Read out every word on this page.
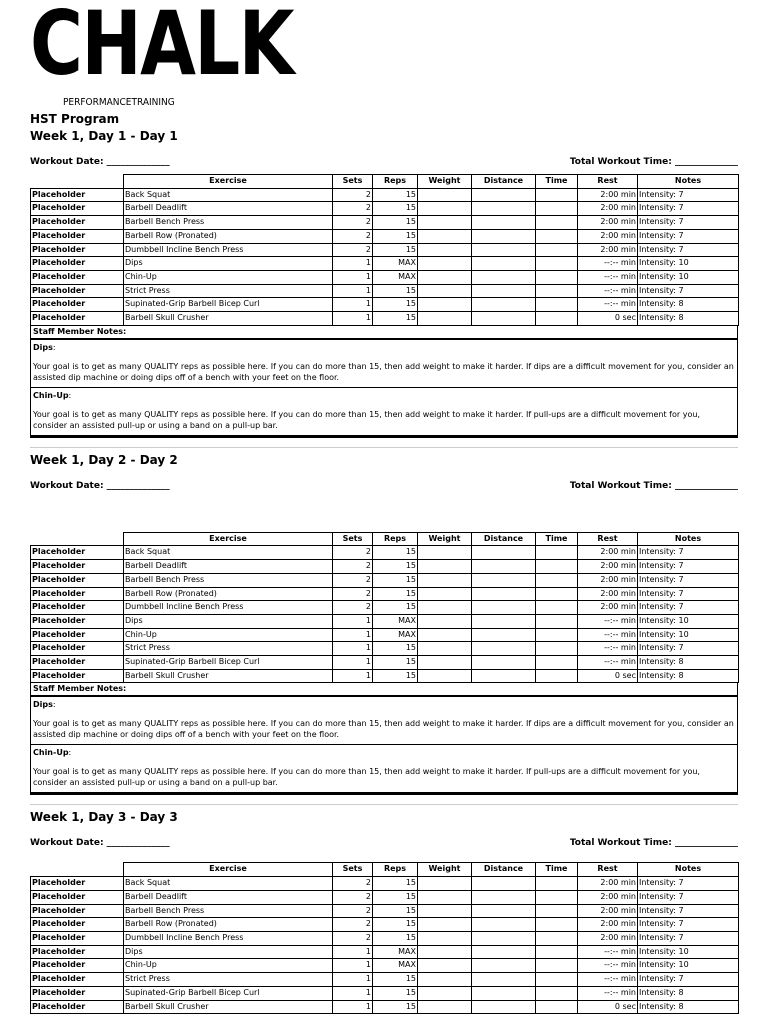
CHALK
PERFORMANCETRAINING
HST Program
Week 1, Day 1 - Day 1
Workout Date: ______________	Total Workout Time: ______________
	Exercise	Sets	Reps	Weight	Distance	Time	Rest	Notes
Placeholder	Back Squat	2	15				2:00 min	Intensity: 7
Placeholder	Barbell Deadlift	2	15				2:00 min	Intensity: 7
Placeholder	Barbell Bench Press	2	15				2:00 min	Intensity: 7
Placeholder	Barbell Row (Pronated)	2	15				2:00 min	Intensity: 7
Placeholder	Dumbbell Incline Bench Press	2	15				2:00 min	Intensity: 7
Placeholder	Dips	1	MAX				--:-- min	Intensity: 10
Placeholder	Chin-Up	1	MAX				--:-- min	Intensity: 10
Placeholder	Strict Press	1	15				--:-- min	Intensity: 7
Placeholder	Supinated-Grip Barbell Bicep Curl	1	15				--:-- min	Intensity: 8
Placeholder	Barbell Skull Crusher	1	15				0 sec	Intensity: 8
Staff Member Notes:
Dips:
Your goal is to get as many QUALITY reps as possible here. If you can do more than 15, then add weight to make it harder. If dips are a difficult movement for you, consider an assisted dip machine or doing dips off of a bench with your feet on the floor.
Chin-Up:
Your goal is to get as many QUALITY reps as possible here. If you can do more than 15, then add weight to make it harder. If pull-ups are a difficult movement for you, consider an assisted pull-up or using a band on a pull-up bar.
Week 1, Day 2 - Day 2
Workout Date: ______________	Total Workout Time: ______________
	Exercise	Sets	Reps	Weight	Distance	Time	Rest	Notes
Placeholder	Back Squat	2	15				2:00 min	Intensity: 7
Placeholder	Barbell Deadlift	2	15				2:00 min	Intensity: 7
Placeholder	Barbell Bench Press	2	15				2:00 min	Intensity: 7
Placeholder	Barbell Row (Pronated)	2	15				2:00 min	Intensity: 7
Placeholder	Dumbbell Incline Bench Press	2	15				2:00 min	Intensity: 7
Placeholder	Dips	1	MAX				--:-- min	Intensity: 10
Placeholder	Chin-Up	1	MAX				--:-- min	Intensity: 10
Placeholder	Strict Press	1	15				--:-- min	Intensity: 7
Placeholder	Supinated-Grip Barbell Bicep Curl	1	15				--:-- min	Intensity: 8
Placeholder	Barbell Skull Crusher	1	15				0 sec	Intensity: 8
Staff Member Notes:
Dips:
Your goal is to get as many QUALITY reps as possible here. If you can do more than 15, then add weight to make it harder. If dips are a difficult movement for you, consider an assisted dip machine or doing dips off of a bench with your feet on the floor.
Chin-Up:
Your goal is to get as many QUALITY reps as possible here. If you can do more than 15, then add weight to make it harder. If pull-ups are a difficult movement for you, consider an assisted pull-up or using a band on a pull-up bar.
Week 1, Day 3 - Day 3
Workout Date: ______________	Total Workout Time: ______________
	Exercise	Sets	Reps	Weight	Distance	Time	Rest	Notes
Placeholder	Back Squat	2	15				2:00 min	Intensity: 7
Placeholder	Barbell Deadlift	2	15				2:00 min	Intensity: 7
Placeholder	Barbell Bench Press	2	15				2:00 min	Intensity: 7
Placeholder	Barbell Row (Pronated)	2	15				2:00 min	Intensity: 7
Placeholder	Dumbbell Incline Bench Press	2	15				2:00 min	Intensity: 7
Placeholder	Dips	1	MAX				--:-- min	Intensity: 10
Placeholder	Chin-Up	1	MAX				--:-- min	Intensity: 10
Placeholder	Strict Press	1	15				--:-- min	Intensity: 7
Placeholder	Supinated-Grip Barbell Bicep Curl	1	15				--:-- min	Intensity: 8
Placeholder	Barbell Skull Crusher	1	15				0 sec	Intensity: 8
